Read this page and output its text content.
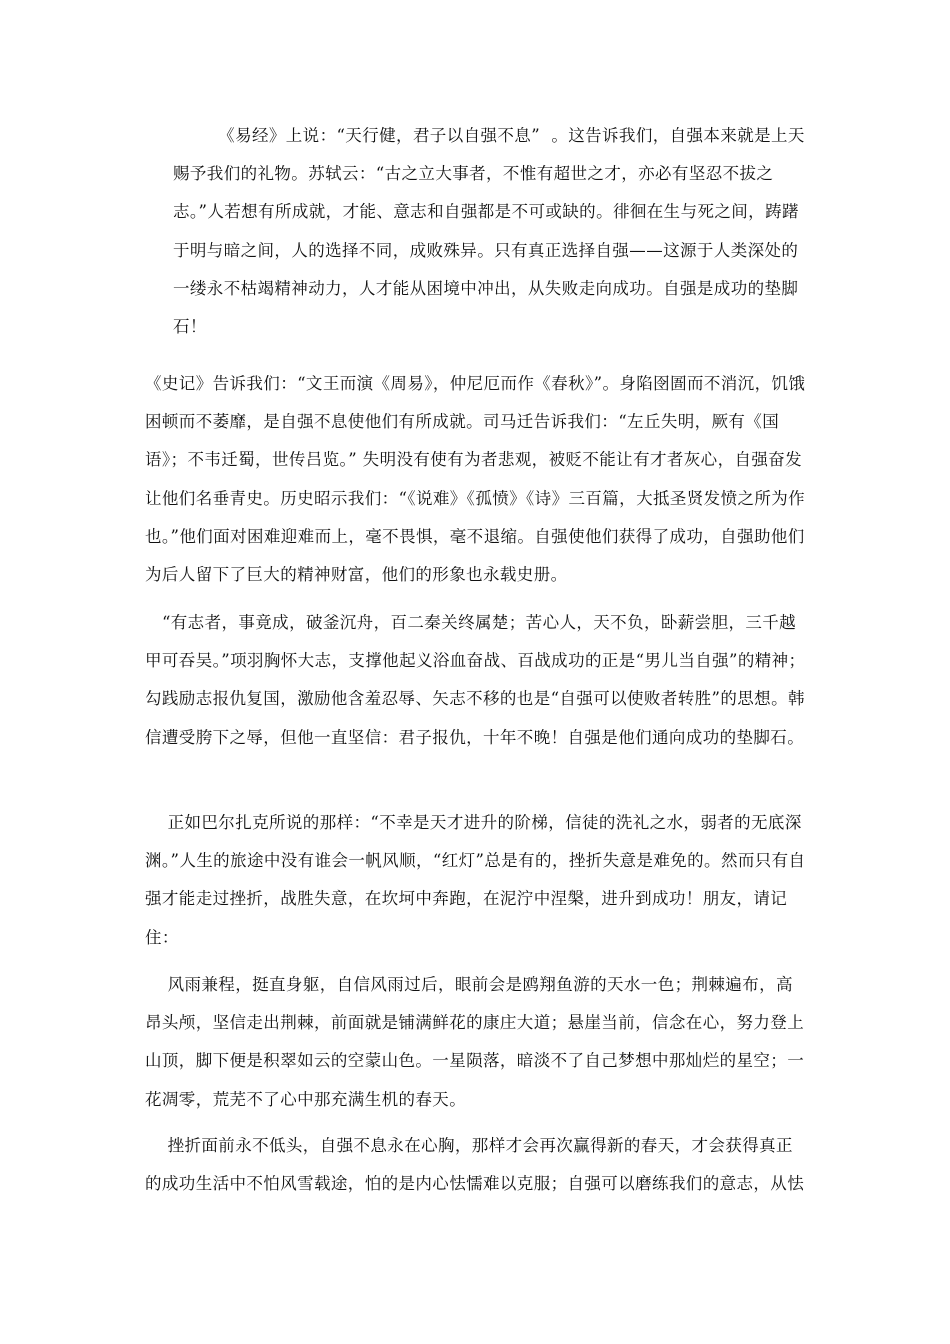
《易经》上说：“天行健，君子以自强不息”  。这告诉我们，自强本来就是上天赐予我们的礼物。苏轼云：“古之立大事者，不惟有超世之才，亦必有坚忍不拔之志。”人若想有所成就，才能、意志和自强都是不可或缺的。徘徊在生与死之间，踌躇于明与暗之间，人的选择不同，成败殊异。只有真正选择自强——这源于人类深处的一缕永不枯竭精神动力，人才能从困境中冲出，从失败走向成功。自强是成功的垫脚石！

《史记》告诉我们：“文王而演《周易》，仲尼厄而作《春秋》”。身陷囹圄而不消沉，饥饿困顿而不萎靡，是自强不息使他们有所成就。司马迁告诉我们：“左丘失明，厥有《国语》；不韦迁蜀，世传吕览。” 失明没有使有为者悲观，被贬不能让有才者灰心，自强奋发让他们名垂青史。历史昭示我们：“《说难》《孤愤》《诗》三百篇，大抵圣贤发愤之所为作也。”他们面对困难迎难而上，毫不畏惧，毫不退缩。自强使他们获得了成功，自强助他们为后人留下了巨大的精神财富，他们的形象也永载史册。

“有志者，事竟成，破釜沉舟，百二秦关终属楚；苦心人，天不负，卧薪尝胆，三千越甲可吞吴。”项羽胸怀大志，支撑他起义浴血奋战、百战成功的正是“男儿当自强”的精神；勾践励志报仇复国，激励他含羞忍辱、矢志不移的也是“自强可以使败者转胜”的思想。韩信遭受胯下之辱，但他一直坚信：君子报仇，十年不晚！自强是他们通向成功的垫脚石。

正如巴尔扎克所说的那样：“不幸是天才进升的阶梯，信徒的洗礼之水，弱者的无底深渊。”人生的旅途中没有谁会一帆风顺，“红灯”总是有的，挫折失意是难免的。然而只有自强才能走过挫折，战胜失意，在坎坷中奔跑，在泥泞中涅槃，进升到成功！朋友，请记住：

风雨兼程，挺直身躯，自信风雨过后，眼前会是鸥翔鱼游的天水一色；荆棘遍布，高昂头颅，坚信走出荆棘，前面就是铺满鲜花的康庄大道；悬崖当前，信念在心，努力登上山顶，脚下便是积翠如云的空蒙山色。一星陨落，暗淡不了自己梦想中那灿烂的星空；一花凋零，荒芜不了心中那充满生机的春天。

挫折面前永不低头，自强不息永在心胸，那样才会再次赢得新的春天，才会获得真正的成功生活中不怕风雪载途，怕的是内心怯懦难以克服；自强可以磨练我们的意志，从怯
